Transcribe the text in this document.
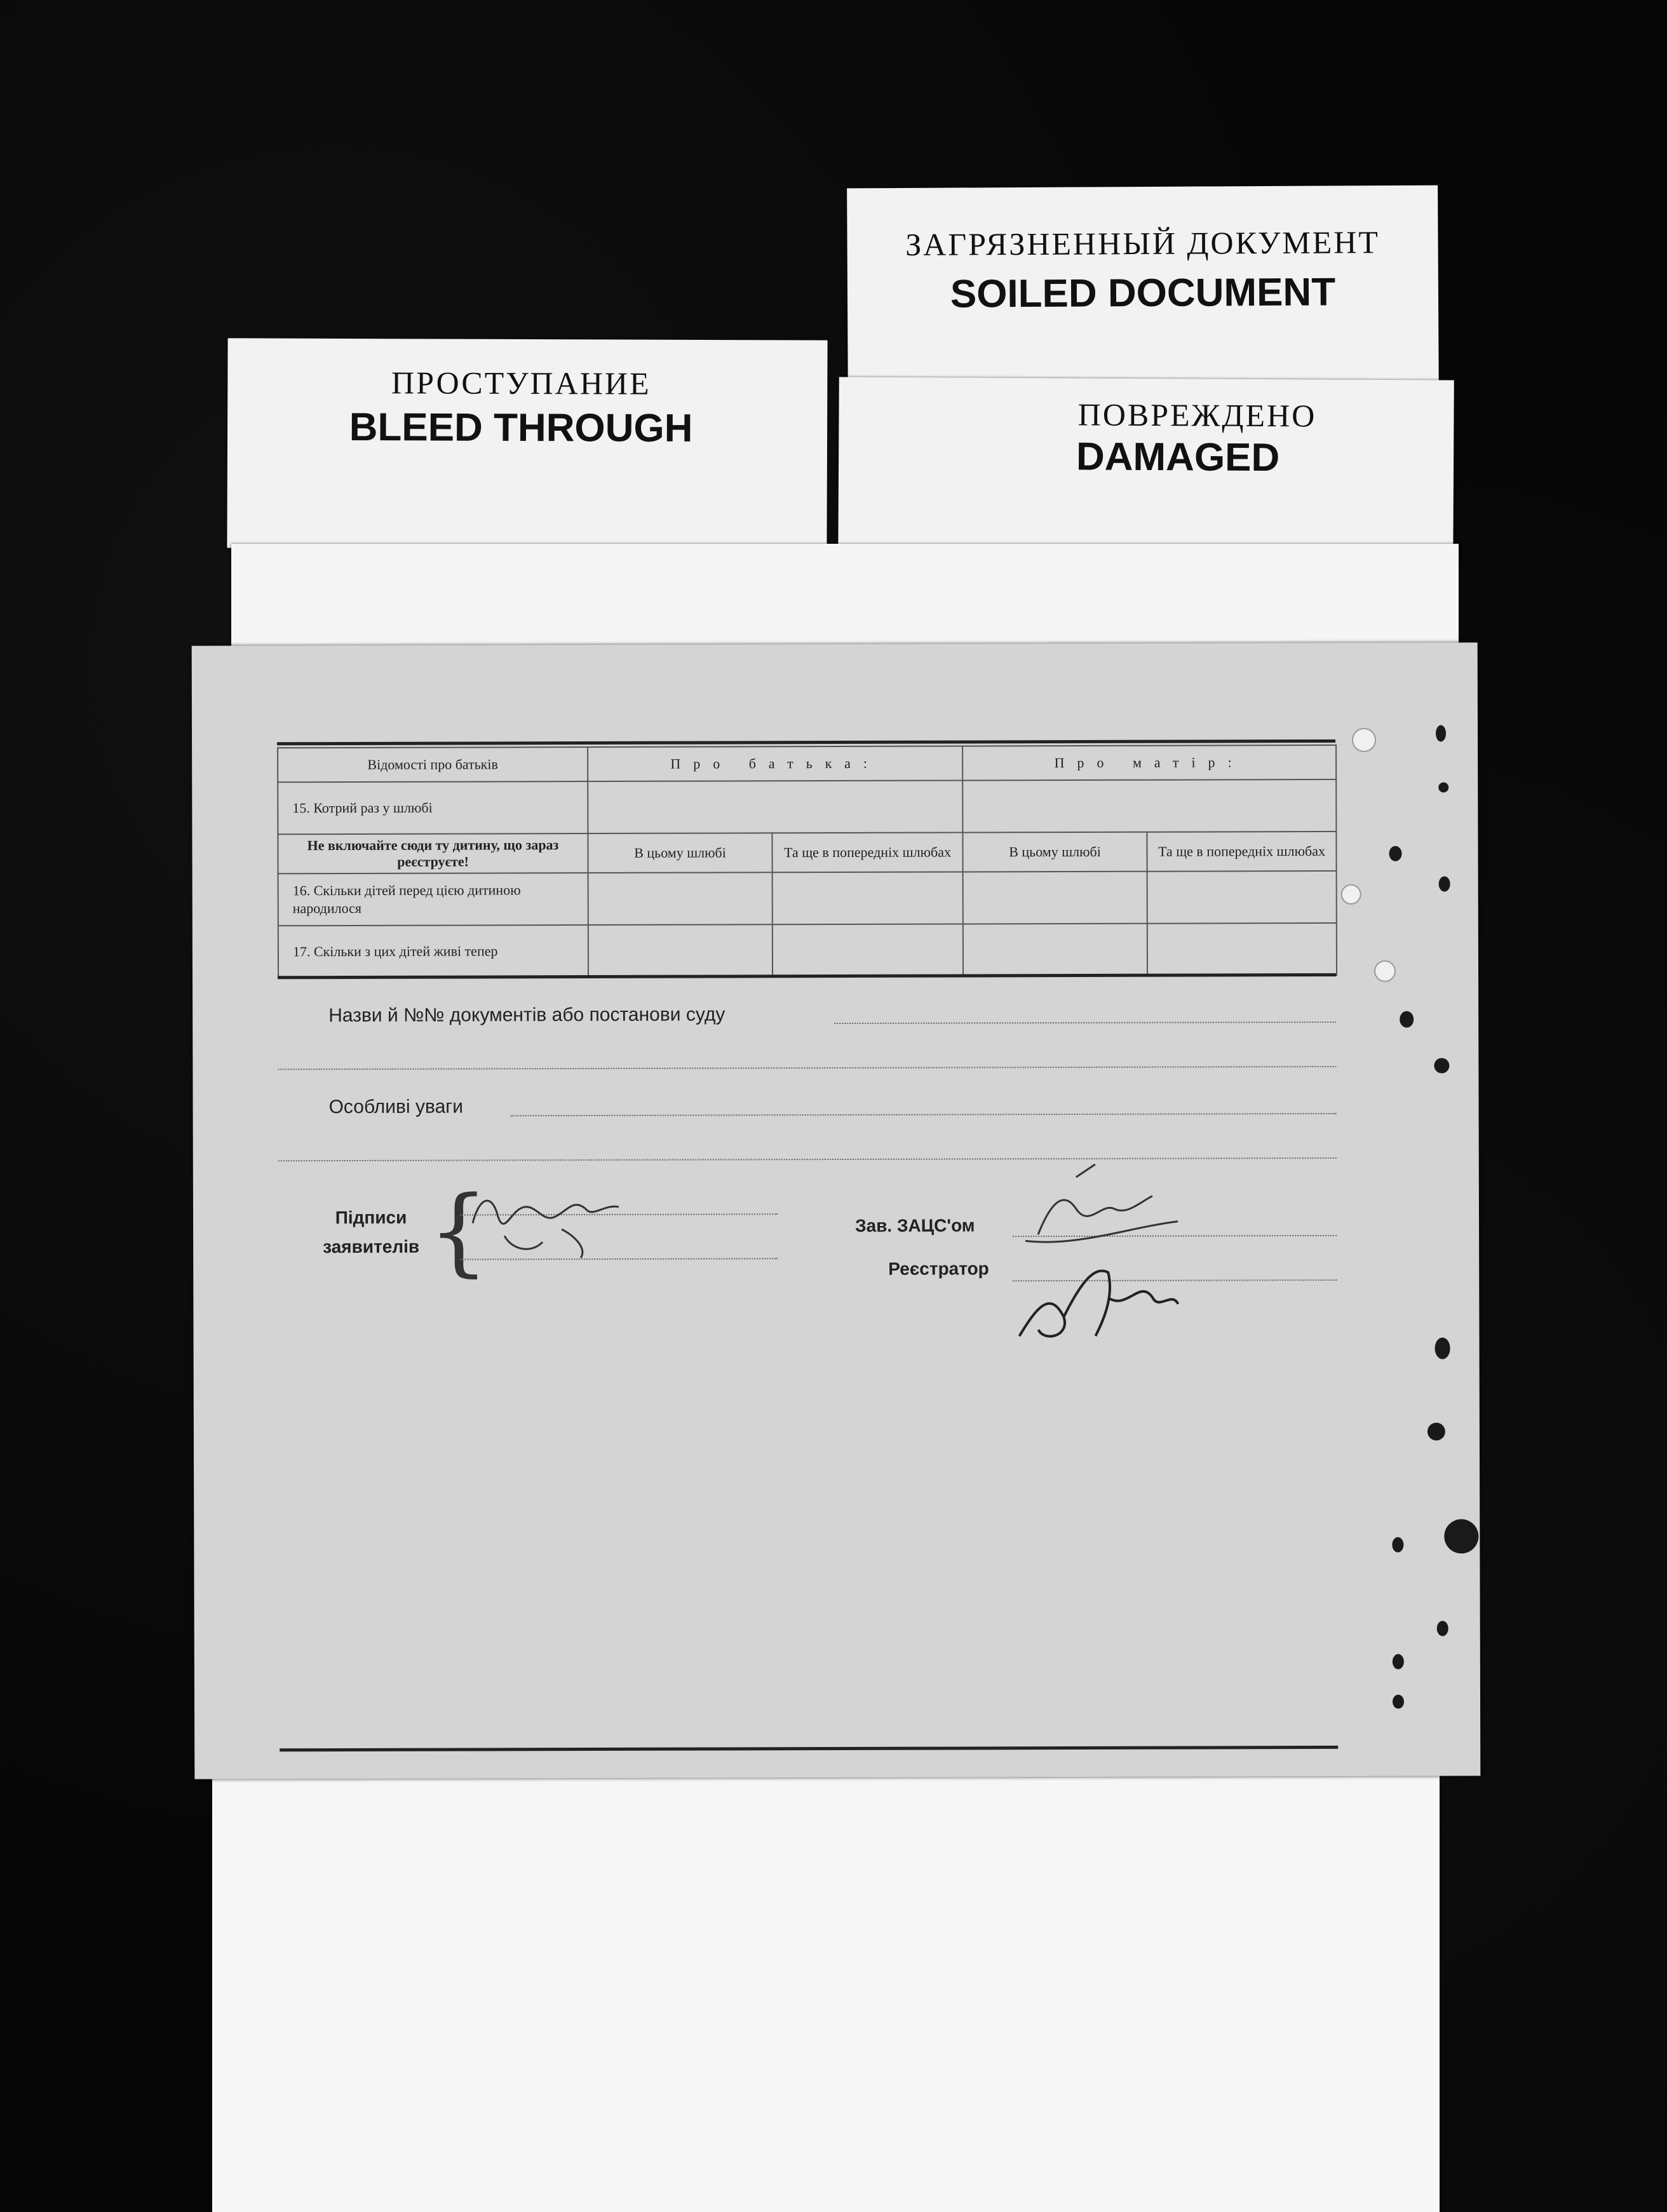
ЗАГРЯЗНЕННЫЙ ДОКУМЕНТ
SOILED DOCUMENT
ПОВРЕЖДЕНО
DAMAGED
ПРОСТУПАНИЕ
BLEED THROUGH
Відомості про батьків	Про батька:		Про матір:	
15. Котрий раз у шлюбі				
Не включайте сюди ту дитину, що зараз реєструєте!	В цьому шлюбі	Та ще в попередніх шлюбах	В цьому шлюбі	Та ще в попередніх шлюбах
16. Скільки дітей перед цією дитиною народилося				
17. Скільки з цих дітей живі тепер				
Назви й №№ документів або постанови суду
Особливі уваги
Підписи заявителів {	Зав. ЗАЦС'ом
Реєстратор
